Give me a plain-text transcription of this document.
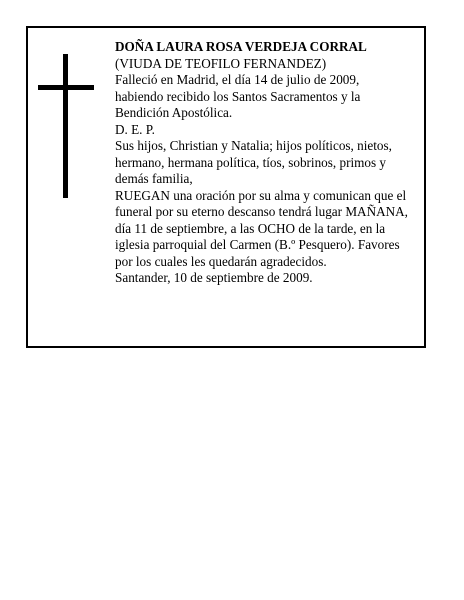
DOÑA LAURA ROSA VERDEJA CORRAL
(VIUDA DE TEOFILO FERNANDEZ)
Falleció en Madrid, el día 14 de julio de 2009,
habiendo recibido los Santos Sacramentos y la
Bendición Apostólica.
D. E. P.
Sus hijos, Christian y Natalia; hijos políticos, nietos,
hermano, hermana política, tíos, sobrinos, primos y
demás familia,
RUEGAN una oración por su alma y comunican que el
funeral por su eterno descanso tendrá lugar MAÑANA,
día 11 de septiembre, a las OCHO de la tarde, en la
iglesia parroquial del Carmen (B.º Pesquero). Favores
por los cuales les quedarán agradecidos.
Santander, 10 de septiembre de 2009.
